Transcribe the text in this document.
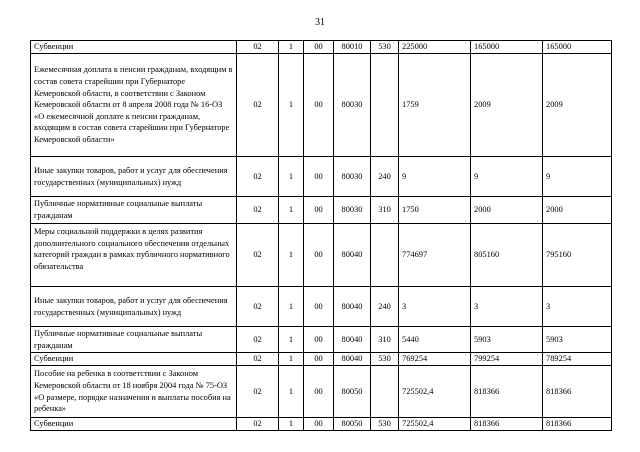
31
Субвенции	02	1	00	80010	530	225000	165000	165000
Ежемесячная доплата к пенсии гражданам, входящим в состав совета старейшин при Губернаторе Кемеровской области, в соответствии с Законом Кемеровской области от 8 апреля 2008 года № 16-ОЗ «О ежемесячной доплате к пенсии гражданам, входящим в состав совета старейшин при Губернаторе Кемеровской области»	02	1	00	80030		1759	2009	2009
Иные закупки товаров, работ и услуг для обеспечения государственных (муниципальных) нужд	02	1	00	80030	240	9	9	9
Публичные нормативные социальные выплаты гражданам	02	1	00	80030	310	1750	2000	2000
Меры социальной поддержки в целях развития дополнительного социального обеспечения отдельных категорий граждан в рамках публичного нормативного обязательства	02	1	00	80040		774697	805160	795160
Иные закупки товаров, работ и услуг для обеспечения государственных (муниципальных) нужд	02	1	00	80040	240	3	3	3
Публичные нормативные социальные выплаты гражданам	02	1	00	80040	310	5440	5903	5903
Субвенции	02	1	00	80040	530	769254	799254	789254
Пособие на ребенка в соответствии с Законом Кемеровской области от 18 ноября 2004 года № 75-ОЗ «О размере, порядке назначения и выплаты пособия на ребенка»	02	1	00	80050		725502,4	818366	818366
Субвенции	02	1	00	80050	530	725502,4	818366	818366
